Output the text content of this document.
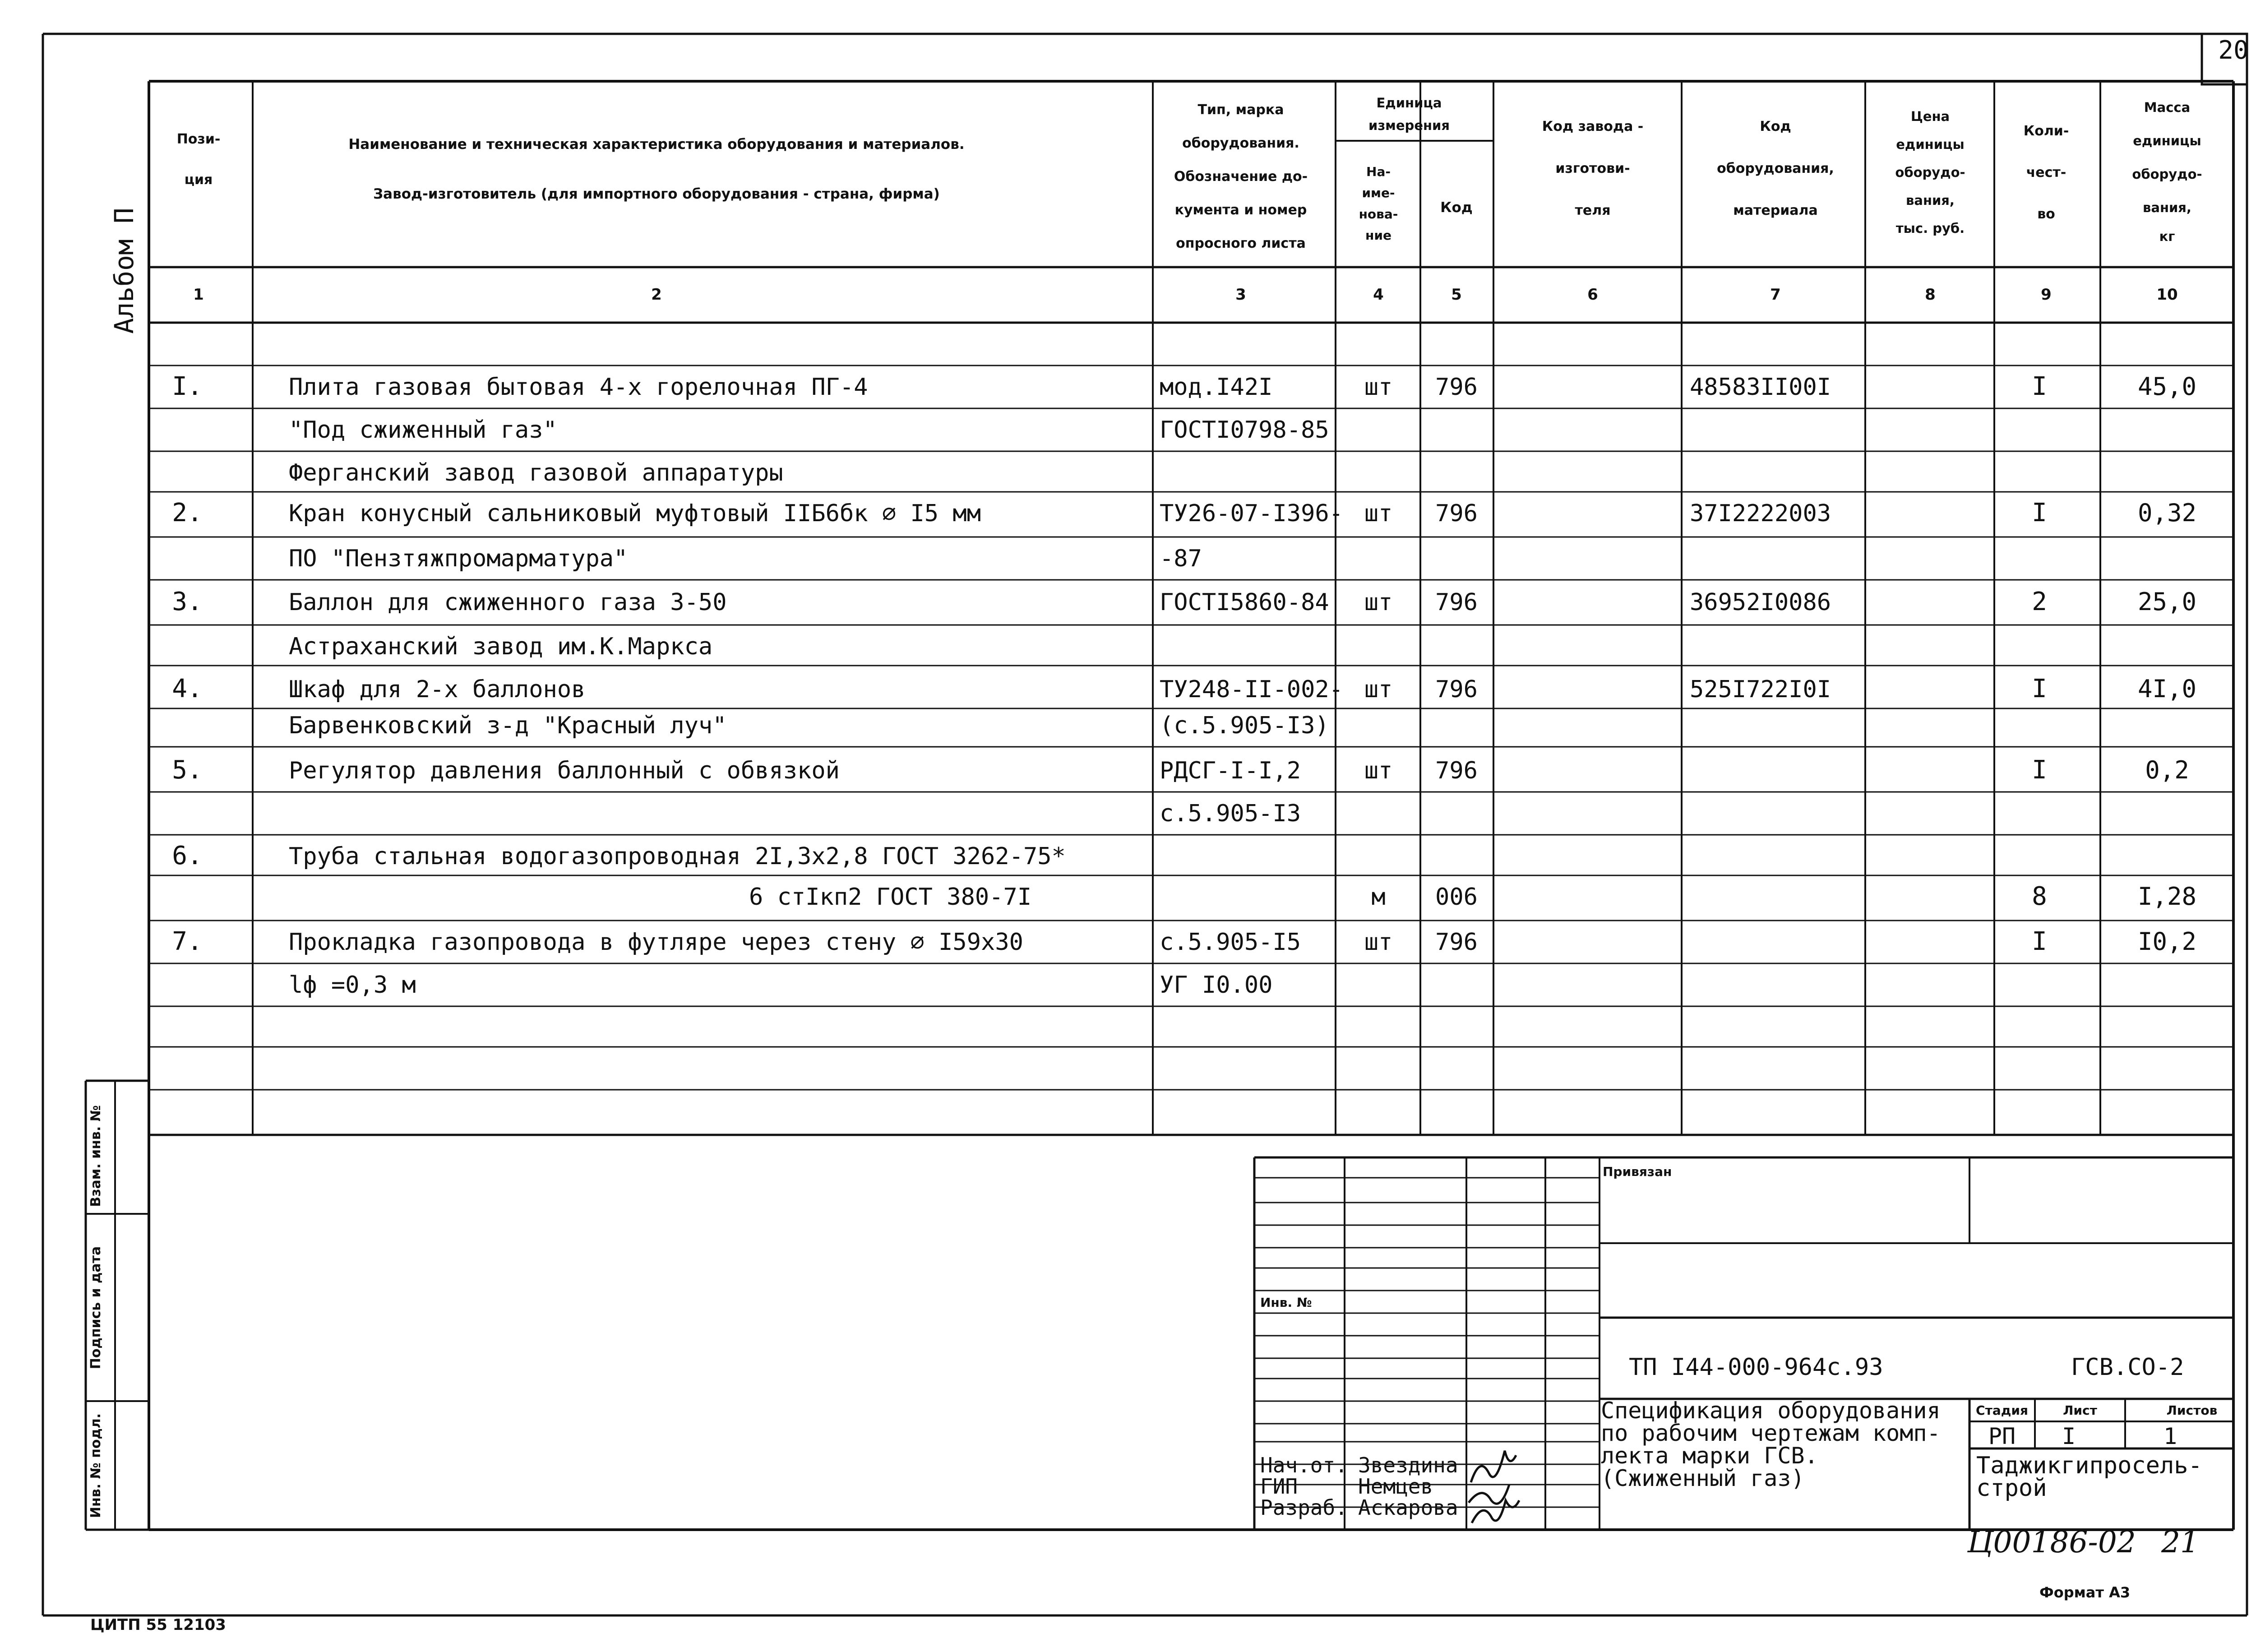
20
Альбом П
Взам. инв. №
Подпись и дата
Инв. № подл.
Пози-
ция
Наименование и техническая характеристика оборудования и материалов.
Завод-изготовитель (для импортного оборудования - страна, фирма)
Тип, марка
оборудования.
Обозначение до-
кумента и номер
опросного листа
Единица
измерения
На-
име-
нова-
ние
Код
Код завода -
изготови-
теля
Код
оборудования,
материала
Цена
единицы
оборудо-
вания,
тыс. руб.
Коли-
чест-
во
Масса
единицы
оборудо-
вания,
кг
1	2	3	4	5	6	7	8	9	10
I.	Плита газовая бытовая 4-х горелочная ПГ-4	мод.I42I	шт 796	48583II00I	I	45,0
"Под сжиженный газ"	ГОСТI0798-85
Ферганский завод газовой аппаратуры
2.	Кран конусный сальниковый муфтовый IIБ6бк ∅ I5 мм	ТУ26-07-I396- шт 796	37I2222003	I	0,32
ПО "Пензтяжпромарматура"	-87
3.	Баллон для сжиженного газа 3-50	ГОСТI5860-84 шт 796	36952I0086	2	25,0
Астраханский завод им.К.Маркса
4.	Шкаф для 2-х баллонов	ТУ248-II-002- шт 796	525I722I0I	I	4I,0
Барвенковский з-д "Красный луч"	(с.5.905-I3)
5.	Регулятор давления баллонный с обвязкой	РДСГ-I-I,2	шт 796	I	0,2
с.5.905-I3
6.	Труба стальная водогазопроводная 2I,3x2,8 ГОСТ 3262-75*
6 стIкп2 ГОСТ 380-7I	м 006	8	I,28
7.	Прокладка газопровода в футляре через стену ∅ I59x30	с.5.905-I5	шт 796	I	I0,2
lф =0,3 м	УГ I0.00
Привязан
Инв. №
ТП I44-000-964с.93	ГСВ.СО-2
Спецификация оборудования
по рабочим чертежам комп-
лекта марки ГСВ.
(Сжиженный газ)
Стадия	Лист	Листов
РП I	1
Таджикгипросель-
строй
Нач.от. Звездина
ГИП	Немцев
Разраб. Аскарова
Ц00186-02 21
Формат А3
ЦИТП 55 12103
